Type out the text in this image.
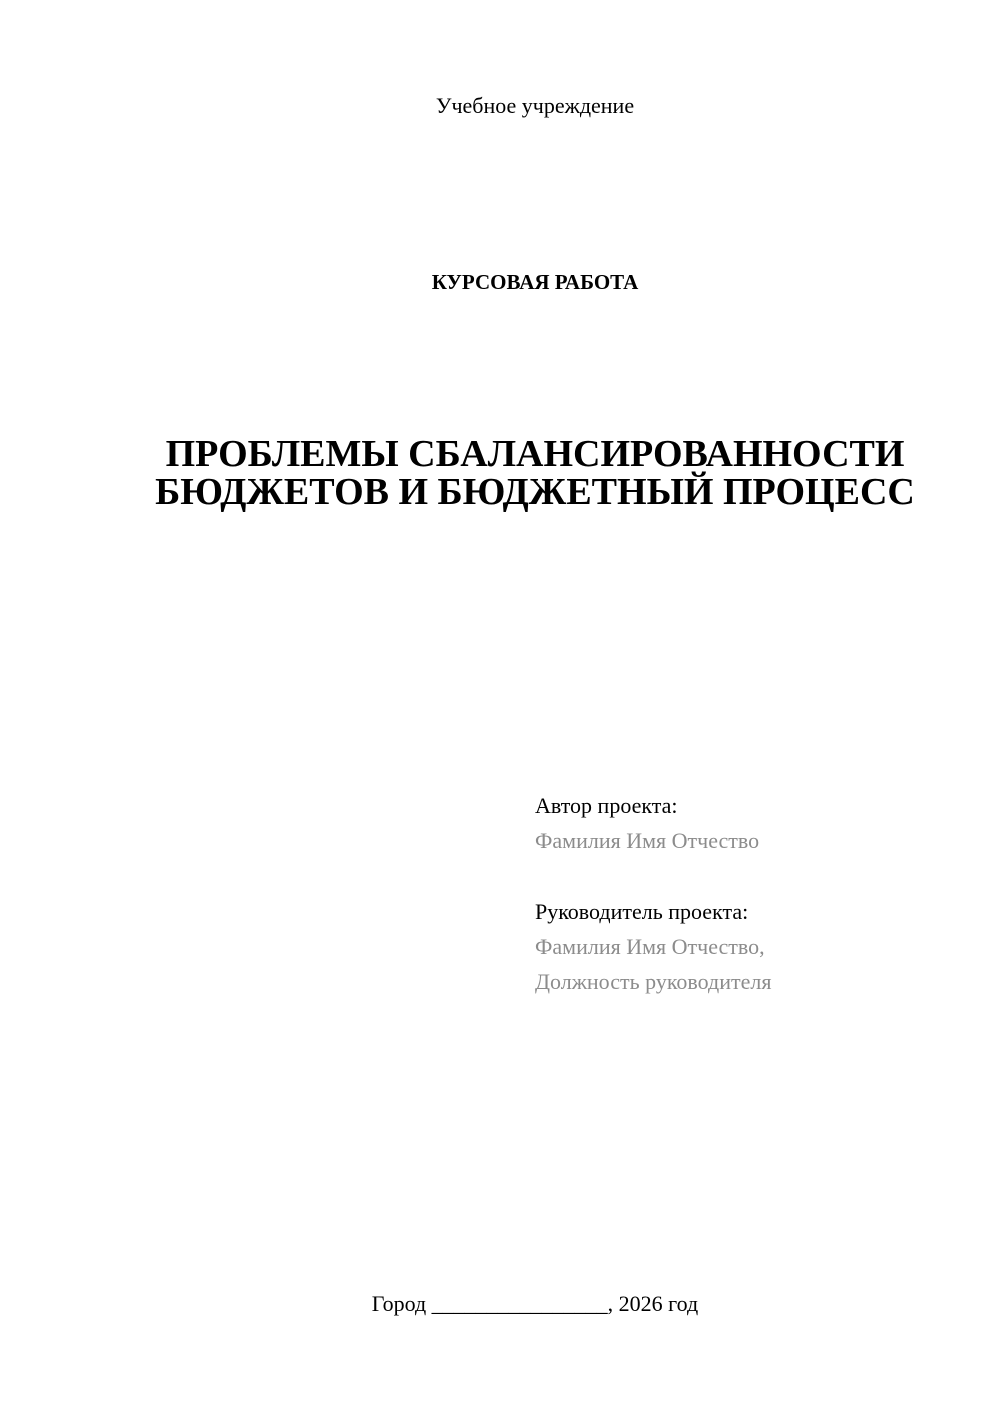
Учебное учреждение
КУРСОВАЯ РАБОТА
ПРОБЛЕМЫ СБАЛАНСИРОВАННОСТИ
БЮДЖЕТОВ И БЮДЖЕТНЫЙ ПРОЦЕСС
Автор проекта:
Фамилия Имя Отчество
Руководитель проекта:
Фамилия Имя Отчество,
Должность руководителя
Город ________________, 2026 год
